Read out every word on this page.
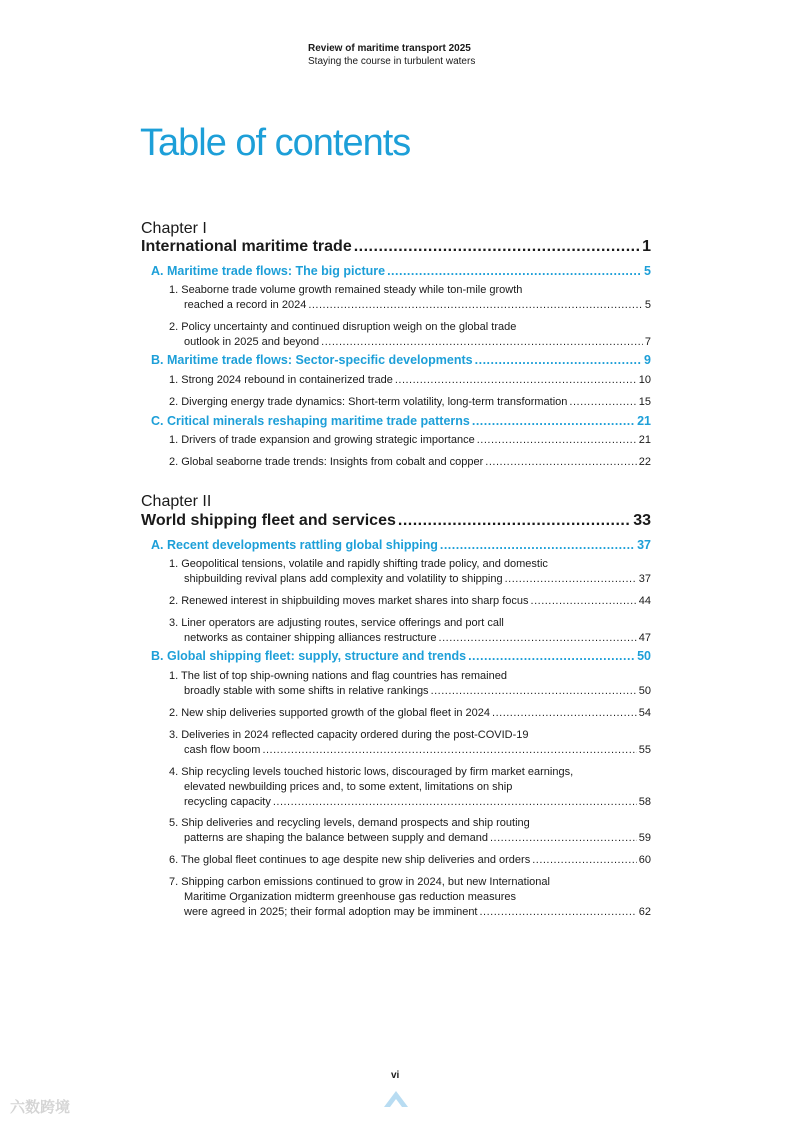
Review of maritime transport 2025
Staying the course in turbulent waters
Table of contents
Chapter I
International maritime trade .....	1
A. Maritime trade flows: The big picture .....	5
1. Seaborne trade volume growth remained steady while ton-mile growth
reached a record in 2024 .....	5
2. Policy uncertainty and continued disruption weigh on the global trade
outlook in 2025 and beyond .....	7
B. Maritime trade flows: Sector-specific developments .....	9
1. Strong 2024 rebound in containerized trade .....	10
2. Diverging energy trade dynamics: Short-term volatility, long-term transformation .....	15
C. Critical minerals reshaping maritime trade patterns .....	21
1. Drivers of trade expansion and growing strategic importance .....	21
2. Global seaborne trade trends: Insights from cobalt and copper .....	22
Chapter II
World shipping fleet and services .....	33
A. Recent developments rattling global shipping .....	37
1. Geopolitical tensions, volatile and rapidly shifting trade policy, and domestic
shipbuilding revival plans add complexity and volatility to shipping .....	37
2. Renewed interest in shipbuilding moves market shares into sharp focus .....	44
3. Liner operators are adjusting routes, service offerings and port call
networks as container shipping alliances restructure .....	47
B. Global shipping fleet: supply, structure and trends .....	50
1. The list of top ship-owning nations and flag countries has remained
broadly stable with some shifts in relative rankings .....	50
2. New ship deliveries supported growth of the global fleet in 2024 .....	54
3. Deliveries in 2024 reflected capacity ordered during the post-COVID-19
cash flow boom .....	55
4. Ship recycling levels touched historic lows, discouraged by firm market earnings,
elevated newbuilding prices and, to some extent, limitations on ship
recycling capacity .....	58
5. Ship deliveries and recycling levels, demand prospects and ship routing
patterns are shaping the balance between supply and demand .....	59
6. The global fleet continues to age despite new ship deliveries and orders .....	60
7. Shipping carbon emissions continued to grow in 2024, but new International
Maritime Organization midterm greenhouse gas reduction measures
were agreed in 2025; their formal adoption may be imminent .....	62
vi
六数跨境
